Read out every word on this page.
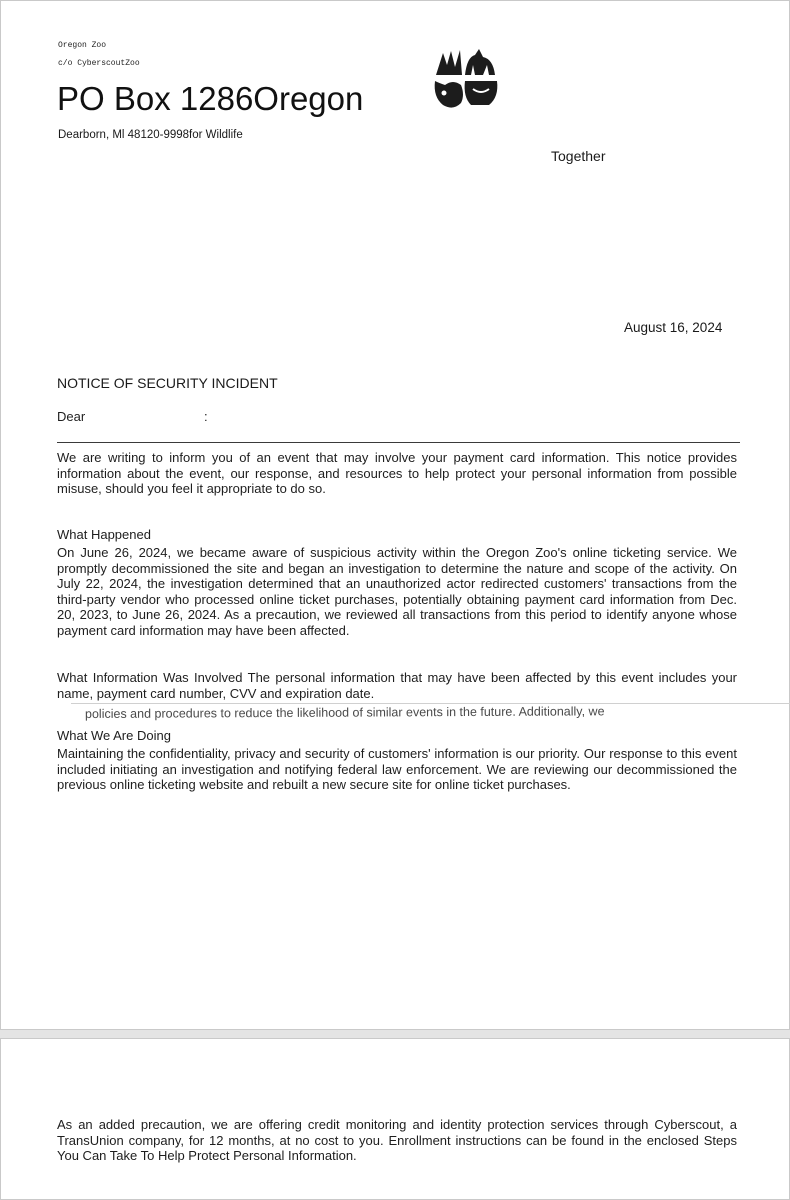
Oregon Zoo
c/o CyberscoutZoo
PO Box 1286Oregon
Dearborn, Ml 48120-9998for Wildlife
Together
August 16, 2024
NOTICE OF SECURITY INCIDENT
Dear	:
We are writing to inform you of an event that may involve your payment card information. This notice provides information about the event, our response, and resources to help protect your personal information from possible misuse, should you feel it appropriate to do so.
What Happened
On June 26, 2024, we became aware of suspicious activity within the Oregon Zoo's online ticketing service. We promptly decommissioned the site and began an investigation to determine the nature and scope of the activity. On July 22, 2024, the investigation determined that an unauthorized actor redirected customers' transactions from the third-party vendor who processed online ticket purchases, potentially obtaining payment card information from Dec. 20, 2023, to June 26, 2024. As a precaution, we reviewed all transactions from this period to identify anyone whose payment card information may have been affected.
What Information Was Involved The personal information that may have been affected by this event includes your name, payment card number, CVV and expiration date.
policies and procedures to reduce the likelihood of similar events in the future. Additionally, we
What We Are Doing
Maintaining the confidentiality, privacy and security of customers' information is our priority. Our response to this event included initiating an investigation and notifying federal law enforcement. We are reviewing our decommissioned the previous online ticketing website and rebuilt a new secure site for online ticket purchases.
As an added precaution, we are offering credit monitoring and identity protection services through Cyberscout, a TransUnion company, for 12 months, at no cost to you. Enrollment instructions can be found in the enclosed Steps You Can Take To Help Protect Personal Information.
